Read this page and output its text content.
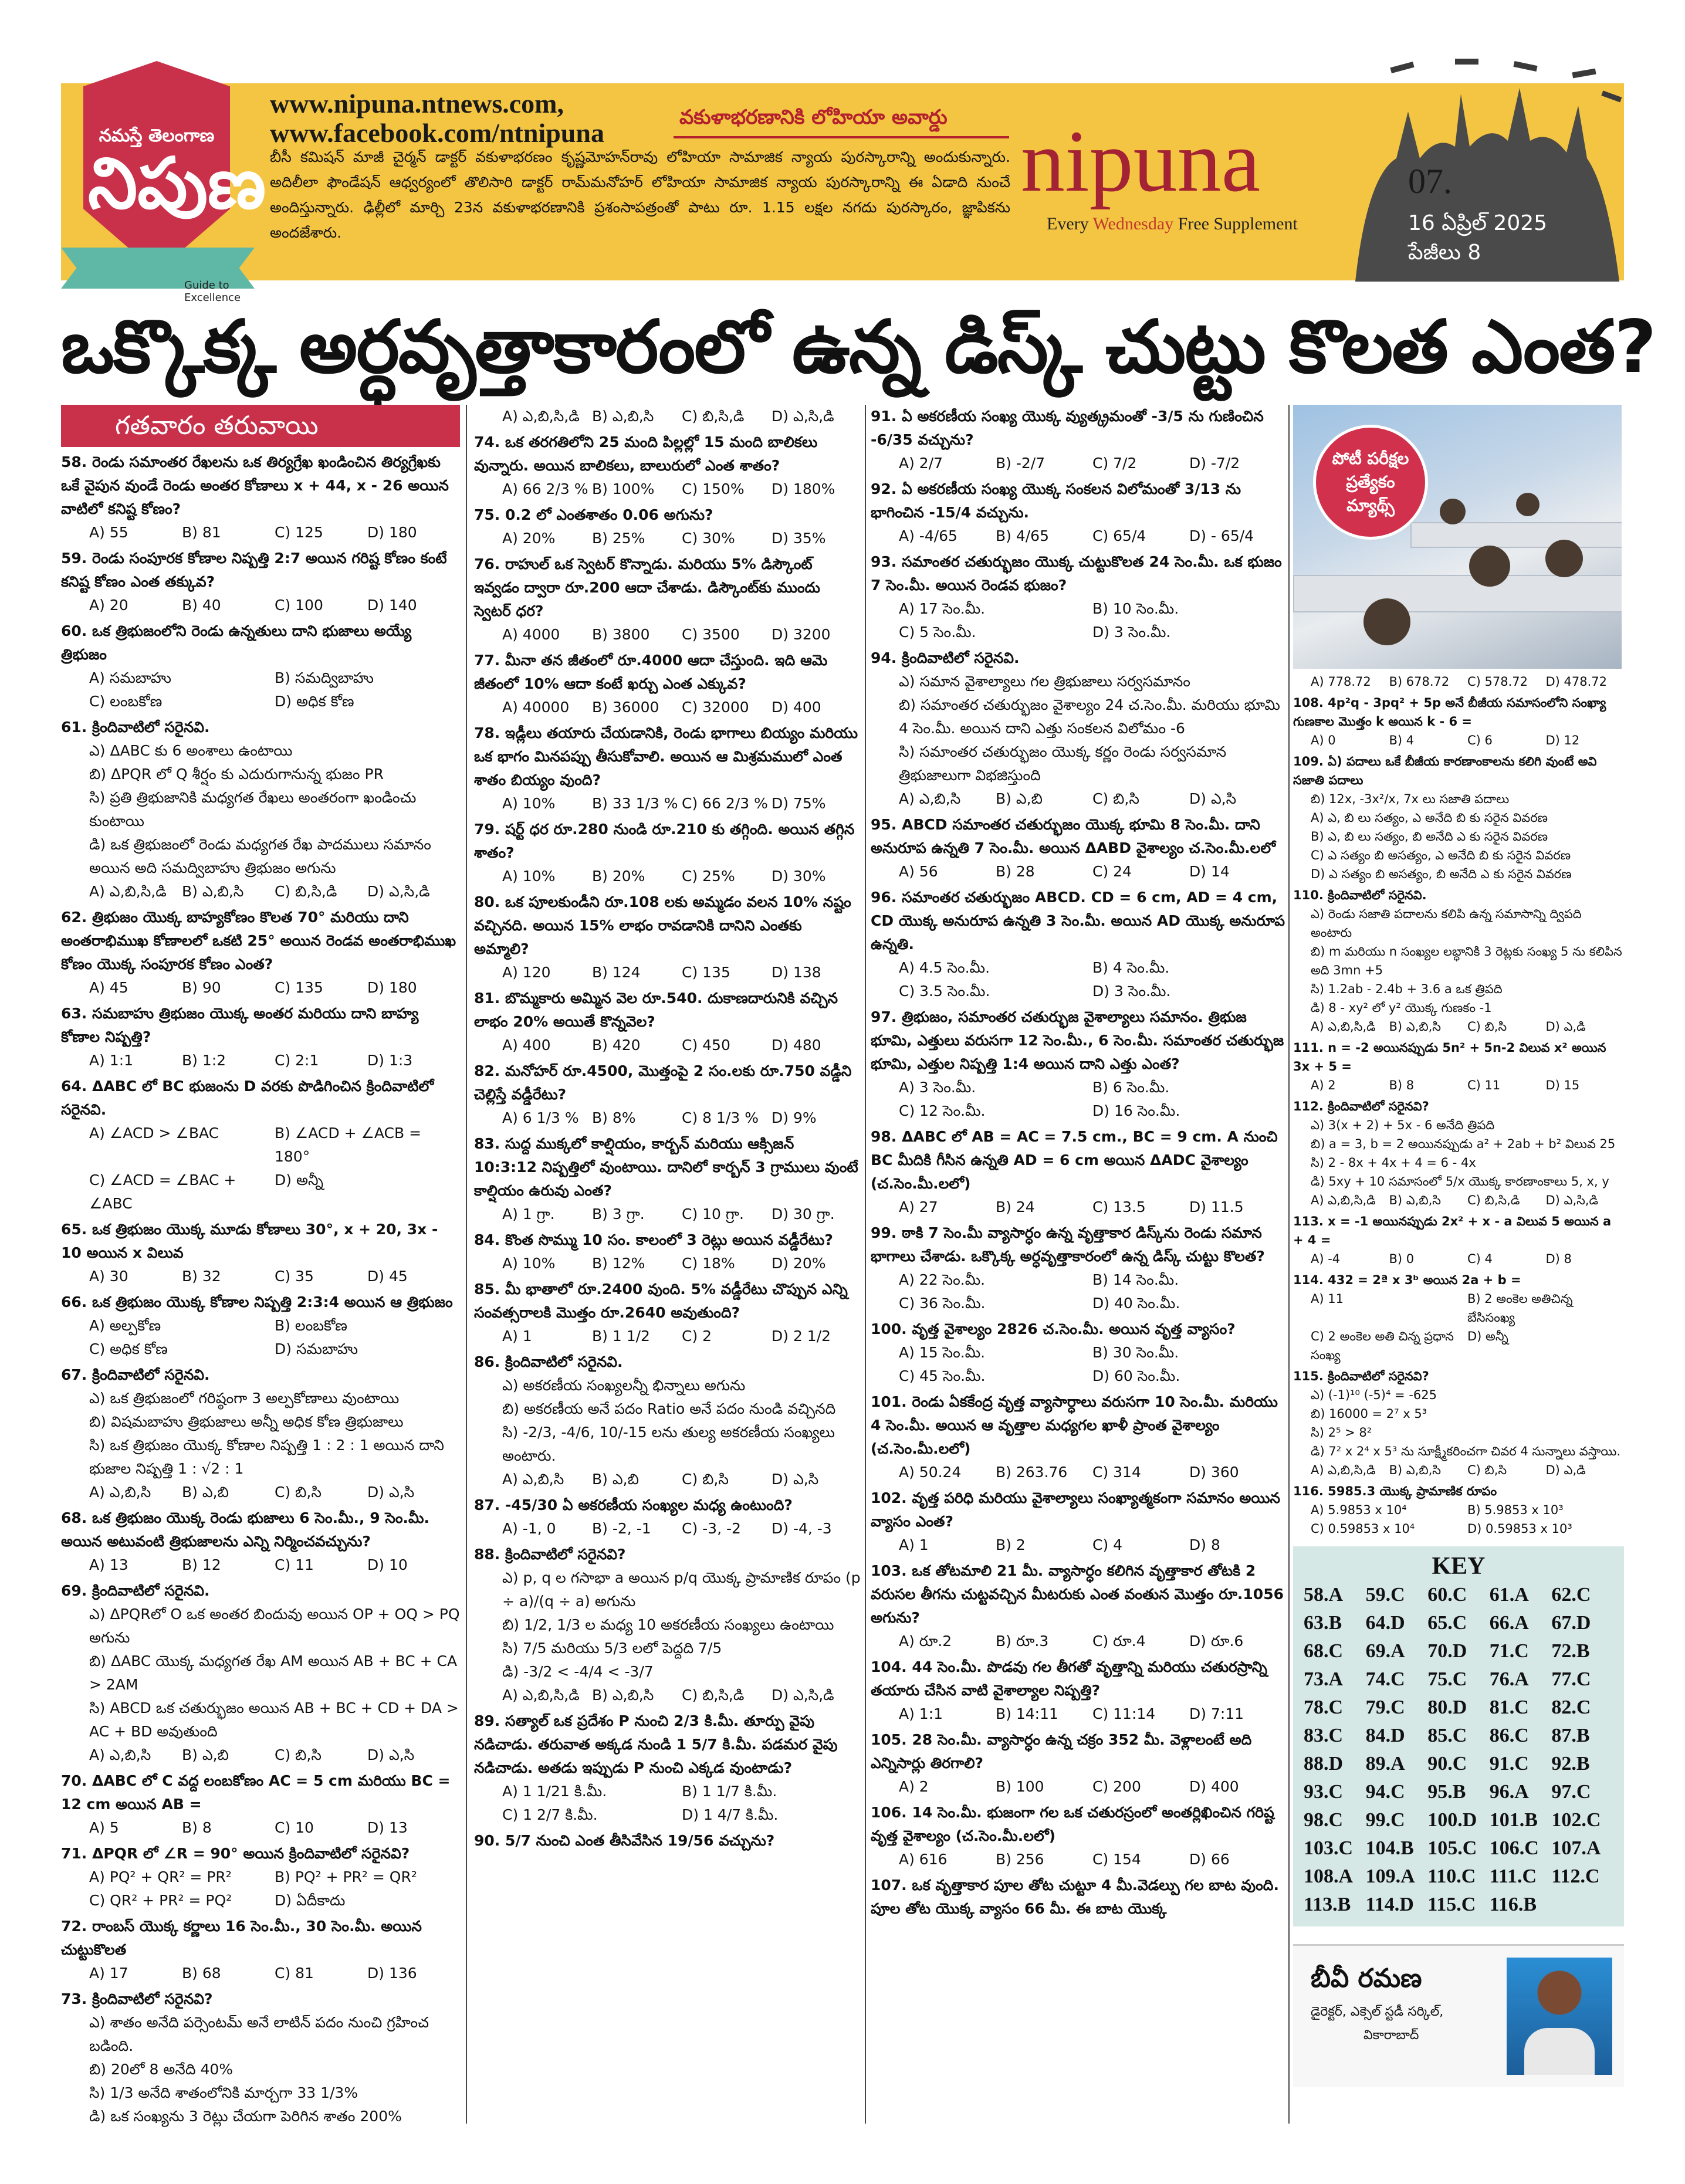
నమస్తే తెలంగాణ
నిపుణ
Guide to Excellence
www.nipuna.ntnews.com,
www.facebook.com/ntnipuna
వకుళాభరణానికి లోహియా అవార్డు
బీసీ కమిషన్ మాజీ చైర్మన్ డాక్టర్ వకుళాభరణం కృష్ణమోహన్‌రావు లోహియా సామాజిక న్యాయ పురస్కారాన్ని అందుకున్నారు. అదిలీలా ఫౌండేషన్ ఆధ్వర్యంలో తొలిసారి డాక్టర్ రామ్‌మనోహర్ లోహియా సామాజిక న్యాయ పురస్కారాన్ని ఈ ఏడాది నుంచే అందిస్తున్నారు. ఢిల్లీలో మార్చి 23న వకుళాభరణానికి ప్రశంసాపత్రంతో పాటు రూ. 1.15 లక్షల నగదు పురస్కారం, జ్ఞాపికను అందజేశారు.
nipuna
Every Wednesday Free Supplement
07.
16 ఏప్రిల్ 2025
పేజీలు 8
ఒక్కొక్క అర్ధవృత్తాకారంలో ఉన్న డిస్క్ చుట్టు కొలత ఎంత?
గతవారం తరువాయి
58. రెండు సమాంతర రేఖలను ఒక తిర్యగ్రేఖ ఖండించిన తిర్యగ్రేఖకు ఒకే వైపున వుండే రెండు అంతర కోణాలు x + 44, x - 26 అయిన వాటిలో కనిష్ట కోణం?
A) 55	B) 81	C) 125	D) 180
59. రెండు సంపూరక కోణాల నిష్పత్తి 2:7 అయిన గరిష్ట కోణం కంటే కనిష్ట కోణం ఎంత తక్కువ?
A) 20	B) 40	C) 100	D) 140
60. ఒక త్రిభుజంలోని రెండు ఉన్నతులు దాని భుజాలు అయ్యే త్రిభుజం
A) సమబాహు	B) సమద్విబాహు
C) లంబకోణ	D) అధిక కోణ
61. క్రిందివాటిలో సరైనవి.
ఎ) ΔABC కు 6 అంశాలు ఉంటాయి
బి) ΔPQR లో Q శీర్షం కు ఎదురుగానున్న భుజం PR
సి) ప్రతి త్రిభుజానికి మధ్యగత రేఖలు అంతరంగా ఖండించు కుంటాయి
డి) ఒక త్రిభుజంలో రెండు మధ్యగత రేఖ పాదములు సమానం అయిన అది సమద్విబాహు త్రిభుజం అగును
A) ఎ,బి,సి,డి	B) ఎ,బి,సి	C) బి,సి,డి	D) ఎ,సి,డి
62. త్రిభుజం యొక్క బాహ్యకోణం కొలత 70° మరియు దాని అంతరాభిముఖ కోణాలలో ఒకటి 25° అయిన రెండవ అంతరాభిముఖ కోణం యొక్క సంపూరక కోణం ఎంత?
A) 45	B) 90	C) 135	D) 180
63. సమబాహు త్రిభుజం యొక్క అంతర మరియు దాని బాహ్య కోణాల నిష్పత్తి?
A) 1:1	B) 1:2	C) 2:1	D) 1:3
64. ΔABC లో BC భుజంను D వరకు పొడిగించిన క్రిందివాటిలో సరైనవి.
A) ∠ACD > ∠BAC	B) ∠ACD + ∠ACB = 180°
C) ∠ACD = ∠BAC + ∠ABC
D) అన్నీ
65. ఒక త్రిభుజం యొక్క మూడు కోణాలు 30°, x + 20, 3x - 10 అయిన x విలువ
A) 30	B) 32	C) 35	D) 45
66. ఒక త్రిభుజం యొక్క కోణాల నిష్పత్తి 2:3:4 అయిన ఆ త్రిభుజం
A) అల్పకోణ	B) లంబకోణ
C) అధిక కోణ	D) సమబాహు
67. క్రిందివాటిలో సరైనవి.
ఎ) ఒక త్రిభుజంలో గరిష్ఠంగా 3 అల్పకోణాలు వుంటాయి
బి) విషమబాహు త్రిభుజాలు అన్నీ అధిక కోణ త్రిభుజాలు
సి) ఒక త్రిభుజం యొక్క కోణాల నిష్పత్తి 1 : 2 : 1 అయిన దాని భుజాల నిష్పత్తి 1 : √2 : 1
A) ఎ,బి,సి	B) ఎ,బి	C) బి,సి	D) ఎ,సి
68. ఒక త్రిభుజం యొక్క రెండు భుజాలు 6 సెం.మీ., 9 సెం.మీ. అయిన అటువంటి త్రిభుజాలను ఎన్ని నిర్మించవచ్చును?
A) 13	B) 12	C) 11	D) 10
69. క్రిందివాటిలో సరైనవి.
ఎ) ΔPQRలో O ఒక అంతర బిందువు అయిన OP + OQ > PQ అగును
బి) ΔABC యొక్క మధ్యగత రేఖ AM అయిన AB + BC + CA > 2AM
సి) ABCD ఒక చతుర్భుజం అయిన AB + BC + CD + DA > AC + BD అవుతుంది
A) ఎ,బి,సి	B) ఎ,బి	C) బి,సి	D) ఎ,సి
70. ΔABC లో C వద్ద లంబకోణం AC = 5 cm మరియు BC = 12 cm అయిన AB =
A) 5	B) 8	C) 10	D) 13
71. ΔPQR లో ∠R = 90° అయిన క్రిందివాటిలో సరైనవి?
A) PQ² + QR² = PR²	B) PQ² + PR² = QR²
C) QR² + PR² = PQ²	D) ఏదీకాదు
72. రాంబస్ యొక్క కర్ణాలు 16 సెం.మీ., 30 సెం.మీ. అయిన చుట్టుకొలత
A) 17	B) 68	C) 81	D) 136
73. క్రిందివాటిలో సరైనవి?
ఎ) శాతం అనేది పర్సెంటమ్ అనే లాటిన్ పదం నుంచి గ్రహించ బడింది.
బి) 20లో 8 అనేది 40%
సి) 1/3 అనేది శాతంలోనికి మార్చగా 33 1/3%
డి) ఒక సంఖ్యను 3 రెట్లు చేయగా పెరిగిన శాతం 200%
A) ఎ,బి,సి,డి B) ఎ,బి,సి	C) బి,సి,డి	D) ఎ,సి,డి
74. ఒక తరగతిలోని 25 మంది పిల్లల్లో 15 మంది బాలికలు వున్నారు. అయిన బాలికలు, బాలురులో ఎంత శాతం?
A) 66 2/3 % B) 100%	C) 150%	D) 180%
75. 0.2 లో ఎంతశాతం 0.06 అగును?
A) 20%	B) 25%	C) 30%	D) 35%
76. రాహుల్ ఒక స్వెటర్ కొన్నాడు. మరియు 5% డిస్కౌంట్ ఇవ్వడం ద్వారా రూ.200 ఆదా చేశాడు. డిస్కౌంట్‌కు ముందు స్వెటర్ ధర?
A) 4000	B) 3800	C) 3500	D) 3200
77. మీనా తన జీతంలో రూ.4000 ఆదా చేస్తుంది. ఇది ఆమె జీతంలో 10% ఆదా కంటే ఖర్చు ఎంత ఎక్కువ?
A) 40000	B) 36000	C) 32000	D) 400
78. ఇడ్లీలు తయారు చేయడానికి, రెండు భాగాలు బియ్యం మరియు ఒక భాగం మినపప్పు తీసుకోవాలి. అయిన ఆ మిశ్రమములో ఎంత శాతం బియ్యం వుంది?
A) 10%	B) 33 1/3 % C) 66 2/3 % D) 75%
79. షర్ట్ ధర రూ.280 నుండి రూ.210 కు తగ్గింది. అయిన తగ్గిన శాతం?
A) 10%	B) 20%	C) 25%	D) 30%
80. ఒక పూలకుండీని రూ.108 లకు అమ్మడం వలన 10% నష్టం వచ్చినది. అయిన 15% లాభం రావడానికి దానిని ఎంతకు అమ్మాలి?
A) 120	B) 124	C) 135	D) 138
81. బొమ్మకారు అమ్మిన వెల రూ.540. దుకాణదారునికి వచ్చిన లాభం 20% అయితే కొన్నవెల?
A) 400	B) 420	C) 450	D) 480
82. మనోహర్ రూ.4500, మొత్తంపై 2 సం.లకు రూ.750 వడ్డీని చెల్లిస్తే వడ్డీరేటు?
A) 6 1/3 % B) 8%	C) 8 1/3 % D) 9%
83. సుద్ద ముక్కలో కాల్షియం, కార్బన్ మరియు ఆక్సిజన్ 10:3:12 నిష్పత్తిలో వుంటాయి. దానిలో కార్బన్ 3 గ్రాములు వుంటే కాల్షియం ఉరువు ఎంత?
A) 1 గ్రా.	B) 3 గ్రా.	C) 10 గ్రా.	D) 30 గ్రా.
84. కొంత సొమ్ము 10 సం. కాలంలో 3 రెట్లు అయిన వడ్డీరేటు?
A) 10%	B) 12%	C) 18%	D) 20%
85. మీ భాతాలో రూ.2400 వుంది. 5% వడ్డీరేటు చొప్పున ఎన్ని సంవత్సరాలకి మొత్తం రూ.2640 అవుతుంది?
A) 1	B) 1 1/2	C) 2	D) 2 1/2
86. క్రిందివాటిలో సరైనవి.
ఎ) అకరణీయ సంఖ్యలన్నీ భిన్నాలు అగును
బి) అకరణీయ అనే పదం Ratio అనే పదం నుండి వచ్చినది
సి) -2/3, -4/6, 10/-15 లను తుల్య అకరణీయ సంఖ్యలు అంటారు.
A) ఎ,బి,సి	B) ఎ,బి	C) బి,సి	D) ఎ,సి
87. -45/30 ఏ అకరణీయ సంఖ్యల మధ్య ఉంటుంది?
A) -1, 0	B) -2, -1	C) -3, -2	D) -4, -3
88. క్రిందివాటిలో సరైనవి?
ఎ) p, q ల గసాభా a అయిన p/q యొక్క ప్రామాణిక రూపం (p ÷ a)/(q ÷ a) అగును
బి) 1/2, 1/3 ల మధ్య 10 అకరణీయ సంఖ్యలు ఉంటాయి
సి) 7/5 మరియు 5/3 లలో పెద్దది 7/5
డి) -3/2 < -4/4 < -3/7
A) ఎ,బి,సి,డి B) ఎ,బి,సి	C) బి,సి,డి	D) ఎ,సి,డి
89. సత్యాల్ ఒక ప్రదేశం P నుంచి 2/3 కి.మీ. తూర్పు వైపు నడిచాడు. తరువాత అక్కడ నుండి 1 5/7 కి.మీ. పడమర వైపు నడిచాడు. అతడు ఇప్పుడు P నుంచి ఎక్కడ వుంటాడు?
A) 1 1/21 కి.మీ.	B) 1 1/7 కి.మీ.
C) 1 2/7 కి.మీ.	D) 1 4/7 కి.మీ.
90. 5/7 నుంచి ఎంత తీసివేసిన 19/56 వచ్చును?
91. ఏ అకరణీయ సంఖ్య యొక్క వ్యుత్క్రమంతో -3/5 ను గుణించిన -6/35 వచ్చును?
A) 2/7	B) -2/7	C) 7/2	D) -7/2
92. ఏ అకరణీయ సంఖ్య యొక్క సంకలన విలోమంతో 3/13 ను భాగించిన -15/4 వచ్చును.
A) -4/65	B) 4/65	C) 65/4	D) - 65/4
93. సమాంతర చతుర్భుజం యొక్క చుట్టుకొలత 24 సెం.మీ. ఒక భుజం 7 సెం.మీ. అయిన రెండవ భుజం?
A) 17 సెం.మీ.	B) 10 సెం.మీ.
C) 5 సెం.మీ.	D) 3 సెం.మీ.
94. క్రిందివాటిలో సరైనవి.
ఎ) సమాన వైశాల్యాలు గల త్రిభుజాలు సర్వసమానం
బి) సమాంతర చతుర్భుజం వైశాల్యం 24 చ.సెం.మీ. మరియు భూమి 4 సెం.మీ. అయిన దాని ఎత్తు సంకలన విలోమం -6
సి) సమాంతర చతుర్భుజం యొక్క కర్ణం రెండు సర్వసమాన త్రిభుజాలుగా విభజిస్తుంది
A) ఎ,బి,సి	B) ఎ,బి	C) బి,సి	D) ఎ,సి
95. ABCD సమాంతర చతుర్భుజం యొక్క భూమి 8 సెం.మీ. దాని అనురూప ఉన్నతి 7 సెం.మీ. అయిన ΔABD వైశాల్యం చ.సెం.మీ.లలో
A) 56	B) 28	C) 24	D) 14
96. సమాంతర చతుర్భుజం ABCD. CD = 6 cm, AD = 4 cm, CD యొక్క అనురూప ఉన్నతి 3 సెం.మీ. అయిన AD యొక్క అనురూప ఉన్నతి.
A) 4.5 సెం.మీ.	B) 4 సెం.మీ.
C) 3.5 సెం.మీ.	D) 3 సెం.మీ.
97. త్రిభుజం, సమాంతర చతుర్భుజ వైశాల్యాలు సమానం. త్రిభుజ భూమి, ఎత్తులు వరుసగా 12 సెం.మీ., 6 సెం.మీ. సమాంతర చతుర్భుజ భూమి, ఎత్తుల నిష్పత్తి 1:4 అయిన దాని ఎత్తు ఎంత?
A) 3 సెం.మీ.	B) 6 సెం.మీ.
C) 12 సెం.మీ.	D) 16 సెం.మీ.
98. ΔABC లో AB = AC = 7.5 cm., BC = 9 cm. A నుంచి BC మీదికి గీసిన ఉన్నతి AD = 6 cm అయిన ΔADC వైశాల్యం (చ.సెం.మీ.లలో)
A) 27	B) 24	C) 13.5	D) 11.5
99. ఠాకి 7 సెం.మీ వ్యాసార్ధం ఉన్న వృత్తాకార డిస్క్‌ను రెండు సమాన భాగాలు చేశాడు. ఒక్కొక్క అర్ధవృత్తాకారంలో ఉన్న డిస్క్ చుట్టు కొలత?
A) 22 సెం.మీ.	B) 14 సెం.మీ.
C) 36 సెం.మీ.	D) 40 సెం.మీ.
100. వృత్త వైశాల్యం 2826 చ.సెం.మీ. అయిన వృత్త వ్యాసం?
A) 15 సెం.మీ.	B) 30 సెం.మీ.
C) 45 సెం.మీ.	D) 60 సెం.మీ.
101. రెండు ఏకకేంద్ర వృత్త వ్యాసార్ధాలు వరుసగా 10 సెం.మీ. మరియు 4 సెం.మీ. అయిన ఆ వృత్తాల మధ్యగల ఖాళీ ప్రాంత వైశాల్యం (చ.సెం.మీ.లలో)
A) 50.24	B) 263.76	C) 314	D) 360
102. వృత్త పరిధి మరియు వైశాల్యాలు సంఖ్యాత్మకంగా సమానం అయిన వ్యాసం ఎంత?
A) 1	B) 2	C) 4	D) 8
103. ఒక తోటమాలి 21 మీ. వ్యాసార్ధం కలిగిన వృత్తాకార తోటకి 2 వరుసల తీగను చుట్టవచ్చిన మీటరుకు ఎంత వంతున మొత్తం రూ.1056 అగును?
A) రూ.2	B) రూ.3	C) రూ.4	D) రూ.6
104. 44 సెం.మీ. పొడవు గల తీగతో వృత్తాన్ని మరియు చతురస్రాన్ని తయారు చేసిన వాటి వైశాల్యాల నిష్పత్తి?
A) 1:1	B) 14:11	C) 11:14	D) 7:11
105. 28 సెం.మీ. వ్యాసార్ధం ఉన్న చక్రం 352 మీ. వెళ్లాలంటే అది ఎన్నిసార్లు తిరగాలి?
A) 2	B) 100	C) 200	D) 400
106. 14 సెం.మీ. భుజంగా గల ఒక చతురస్రంలో అంతర్లిఖించిన గరిష్ట వృత్త వైశాల్యం (చ.సెం.మీ.లలో)
A) 616	B) 256	C) 154	D) 66
107. ఒక వృత్తాకార పూల తోట చుట్టూ 4 మీ.వెడల్పు గల బాట వుంది. పూల తోట యొక్క వ్యాసం 66 మీ. ఈ బాట యొక్క
పోటీ పరీక్షల
ప్రత్యేకం
మ్యాథ్స్
A) 778.72	B) 678.72	C) 578.72	D) 478.72
108. 4p²q - 3pq² + 5p అనే బీజీయ సమాసంలోని సంఖ్యా గుణకాల మొత్తం k అయిన k - 6 =
A) 0	B) 4	C) 6	D) 12
109. ఏ) పదాలు ఒకే బీజీయ కారణాంకాలను కలిగి వుంటే అవి సజాతి పదాలు
బి) 12x, -3x²/x, 7x లు సజాతి పదాలు
A) ఎ, బి లు సత్యం, ఎ అనేది బి కు సరైన వివరణ
B) ఎ, బి లు సత్యం, బి అనేది ఎ కు సరైన వివరణ
C) ఎ సత్యం బి అసత్యం, ఎ అనేది బి కు సరైన వివరణ
D) ఎ సత్యం బి అసత్యం, బి అనేది ఎ కు సరైన వివరణ
110. క్రిందివాటిలో సరైనవి.
ఎ) రెండు సజాతి పదాలను కలిపి ఉన్న సమాసాన్ని ద్విపది అంటారు
బి) m మరియు n సంఖ్యల లబ్ధానికి 3 రెట్లకు సంఖ్య 5 ను కలిపిన అది 3mn +5
సి) 1.2ab - 2.4b + 3.6 a ఒక త్రిపది
డి) 8 - xy² లో y² యొక్క గుణకం -1
A) ఎ,బి,సి,డి	B) ఎ,బి,సి	C) బి,సి	D) ఎ,డి
111. n = -2 అయినప్పుడు 5n² + 5n-2 విలువ x² అయిన 3x + 5 =
A) 2	B) 8	C) 11	D) 15
112. క్రిందివాటిలో సరైనవి?
ఎ) 3(x + 2) + 5x - 6 అనేది త్రిపది
బి) a = 3, b = 2 అయినప్పుడు a² + 2ab + b² విలువ 25
సి) 2 - 8x + 4x + 4 = 6 - 4x
డి) 5xy + 10 సమాసంలో 5/x యొక్క కారణాంకాలు 5, x, y
A) ఎ,బి,సి,డి	B) ఎ,బి,సి	C) బి,సి,డి	D) ఎ,సి,డి
113. x = -1 అయినప్పుడు 2x² + x - a విలువ 5 అయిన a + 4 =
A) -4	B) 0	C) 4	D) 8
114. 432 = 2ª x 3ᵇ అయిన 2a + b =
A) 11	B) 2 అంకెల అతిచిన్న బేసిసంఖ్య
C) 2 అంకెల అతి చిన్న ప్రధాన సంఖ్య
D) అన్నీ
115. క్రిందివాటిలో సరైనవి?
ఎ) (-1)¹⁰ (-5)⁴ = -625
బి) 16000 = 2⁷ x 5³
సి) 2⁵ > 8²
డి) 7² x 2⁴ x 5³ ను సూక్ష్మీకరించగా చివర 4 సున్నాలు వస్తాయి.
A) ఎ,బి,సి,డి	B) ఎ,బి,సి	C) బి,సి	D) ఎ,డి
116. 5985.3 యొక్క ప్రామాణిక రూపం
A) 5.9853 x 10⁴	B) 5.9853 x 10³
C) 0.59853 x 10⁴	D) 0.59853 x 10³
KEY
58.A	59.C	60.C	61.A	62.C
63.B	64.D	65.C	66.A	67.D
68.C	69.A	70.D	71.C	72.B
73.A	74.C	75.C	76.A	77.C
78.C	79.C	80.D	81.C	82.C
83.C	84.D	85.C	86.C	87.B
88.D	89.A	90.C	91.C	92.B
93.C	94.C	95.B	96.A	97.C
98.C	99.C	100.D 101.B 102.C
103.C 104.B 105.C 106.C 107.A
108.A 109.A 110.C 111.C 112.C
113.B 114.D 115.C 116.B
బీవీ రమణ
డైరెక్టర్, ఎక్సెల్ స్టడీ సర్కిల్,
వికారాబాద్
